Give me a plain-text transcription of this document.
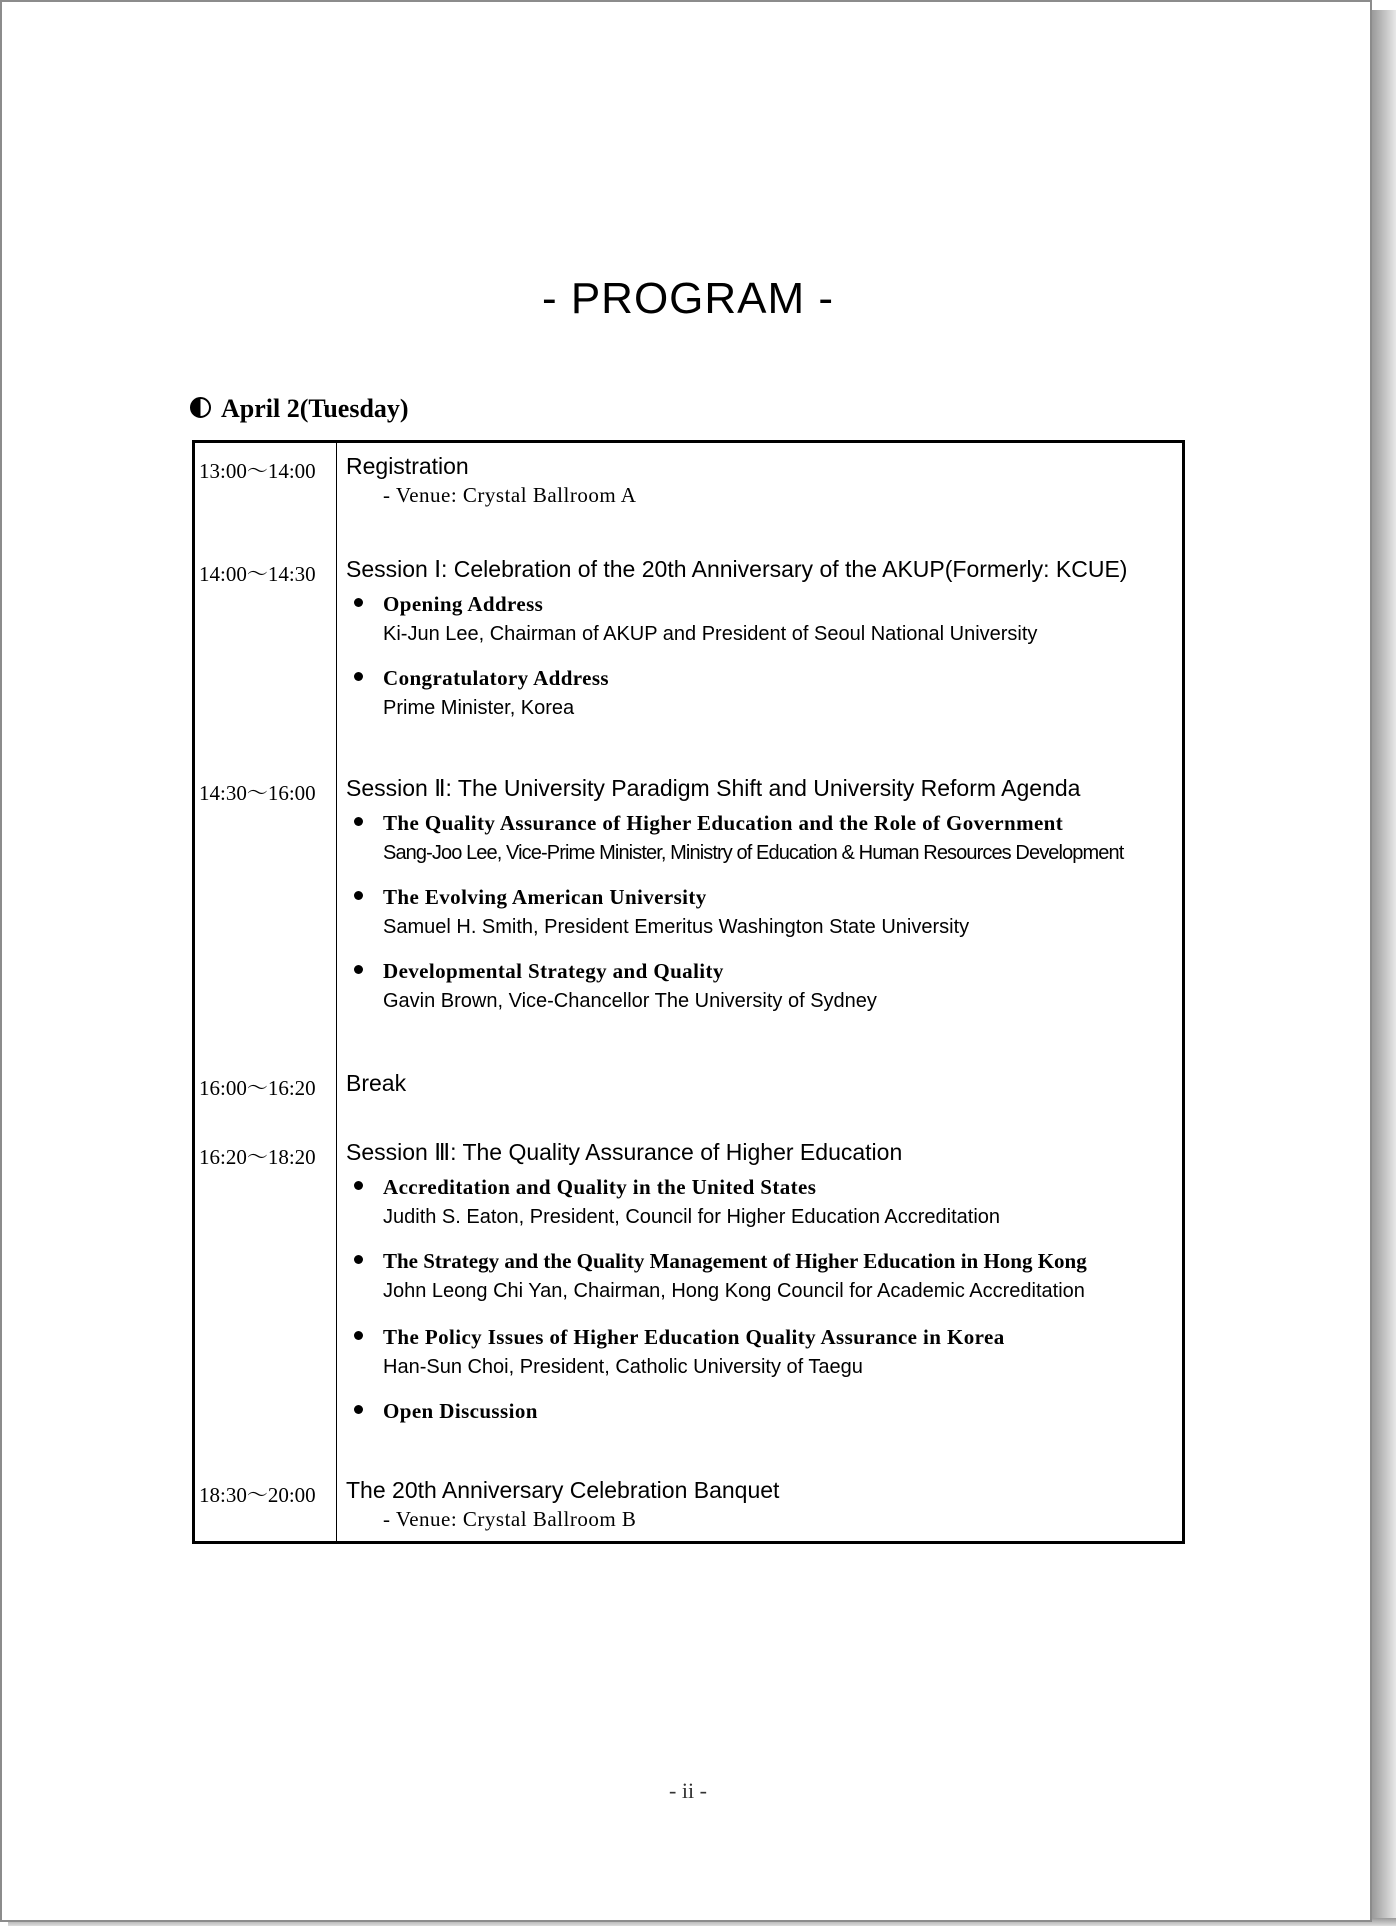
- PROGRAM -
April 2(Tuesday)
13:00～14:00	Registration
- Venue: Crystal Ballroom A
14:00～14:30	Session Ⅰ: Celebration of the 20th Anniversary of the AKUP(Formerly: KCUE)
Opening Address
Ki-Jun Lee, Chairman of AKUP and President of Seoul National University
Congratulatory Address
Prime Minister, Korea
14:30～16:00	Session Ⅱ: The University Paradigm Shift and University Reform Agenda
The Quality Assurance of Higher Education and the Role of Government
Sang-Joo Lee, Vice-Prime Minister, Ministry of Education & Human Resources Development
The Evolving American University
Samuel H. Smith, President Emeritus Washington State University
Developmental Strategy and Quality
Gavin Brown, Vice-Chancellor The University of Sydney
16:00～16:20	Break
16:20～18:20	Session Ⅲ: The Quality Assurance of Higher Education
Accreditation and Quality in the United States
Judith S. Eaton, President, Council for Higher Education Accreditation
The Strategy and the Quality Management of Higher Education in Hong Kong
John Leong Chi Yan, Chairman, Hong Kong Council for Academic Accreditation
The Policy Issues of Higher Education Quality Assurance in Korea
Han-Sun Choi, President, Catholic University of Taegu
Open Discussion
18:30～20:00	The 20th Anniversary Celebration Banquet
- Venue: Crystal Ballroom B
- ii -
